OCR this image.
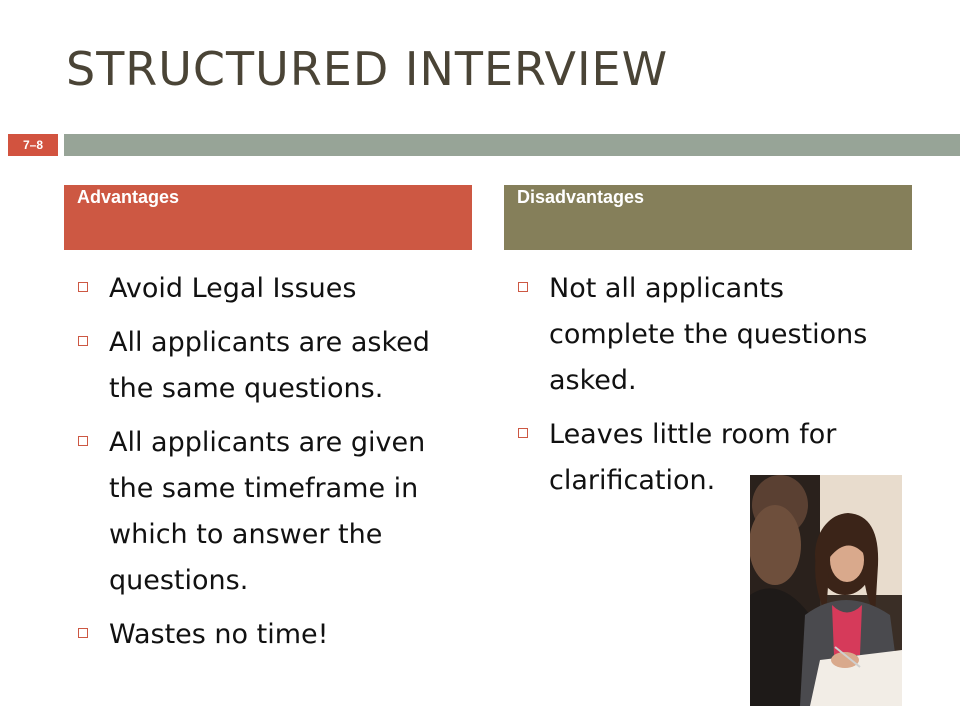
STRUCTURED INTERVIEW
7–8
Advantages	Disadvantages
Avoid Legal Issues
All applicants are asked the same questions.
All applicants are given the same timeframe in which to answer the questions.
Wastes no time!
Not all applicants complete the questions asked.
Leaves little room for clarification.
